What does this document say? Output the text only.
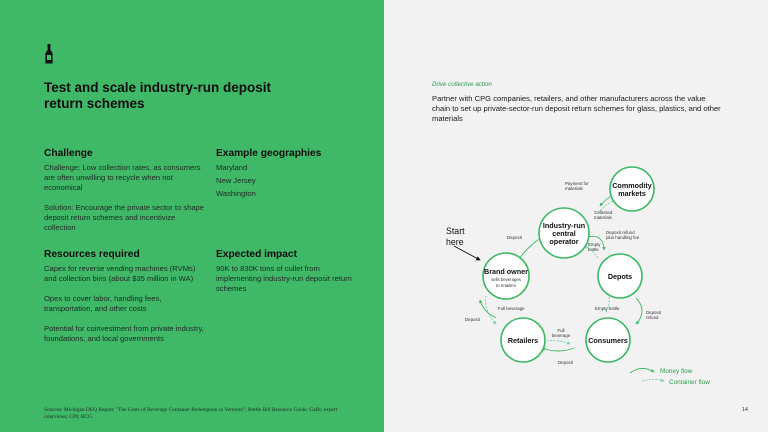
Test and scale industry-run deposit return schemes
Challenge

Challenge: Low collection rates, as consumers are often unwilling to recycle when not economical

Solution: Encourage the private sector to shape deposit return schemes and incentivize collection

Example geographies

Maryland

New Jersey

Washington

Resources required

Capex for reverse vending machines (RVMs) and collection bins (about $35 million in WA)

Opex to cover labor, handling fees, transportation, and other costs

Potential for coinvestment from private industry, foundations, and local governments

Expected impact

90K to 830K tons of cullet from implementing industry-run deposit return schemes

Sources: Michigan DEQ Report; "The Costs of Beverage Container Redemption in Vermont"; Bottle Bill Resource Guide; GaBi; expert interviews; GPI; BCG.
Drive collective action
Partner with CPG companies, retailers, and other manufacturers across the value chain to set up private-sector-run deposit return schemes for glass, plastics, and other materials
14
Industry-run
central
operator
Commodity
markets
Depots
Consumers
Retailers
Brand owner
sells beverages
to retailers
Payment for
materials
Collected
materials
Deposit refund
plus handling fee
Empty
bottle
Deposit
Full beverage
Deposit
Empty bottle
Deposit
refund
Full
beverage
Deposit
Start
here
Money flow
Container flow
